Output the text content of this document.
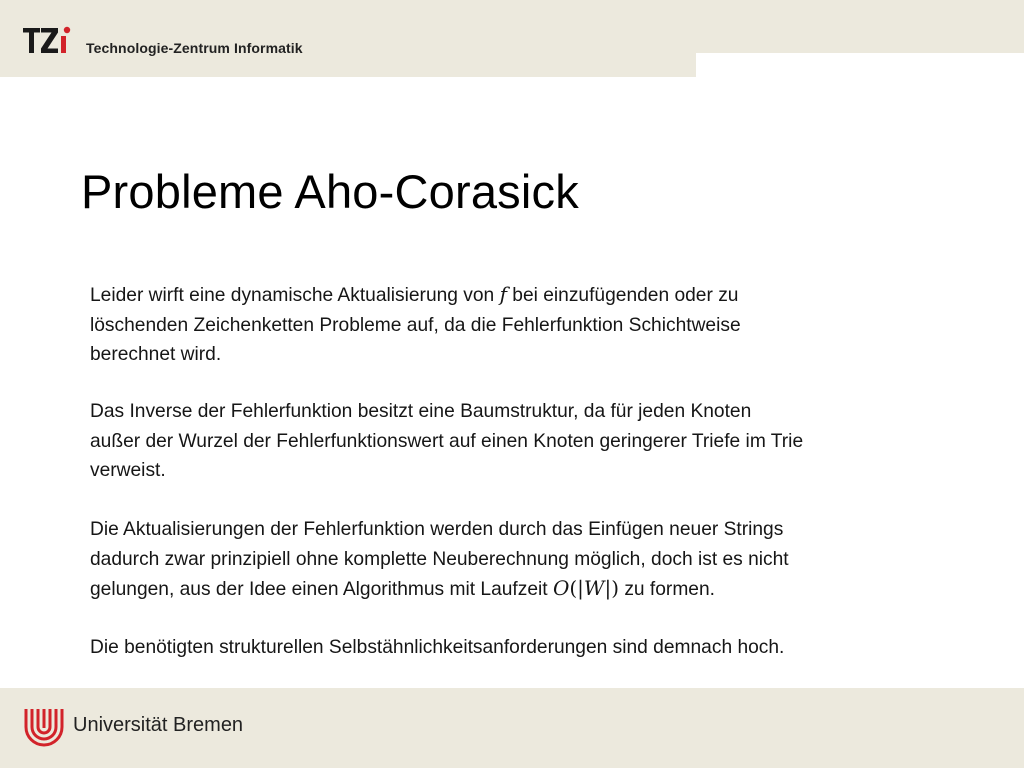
Technologie-Zentrum Informatik
Probleme Aho-Corasick
Leider wirft eine dynamische Aktualisierung von f bei einzufügenden oder zu
löschenden Zeichenketten Probleme auf, da die Fehlerfunktion Schichtweise
berechnet wird.
Das Inverse der Fehlerfunktion besitzt eine Baumstruktur, da für jeden Knoten
außer der Wurzel der Fehlerfunktionswert auf einen Knoten geringerer Triefe im Trie
verweist.
Die Aktualisierungen der Fehlerfunktion werden durch das Einfügen neuer Strings
dadurch zwar prinzipiell ohne komplette Neuberechnung möglich, doch ist es nicht
gelungen, aus der Idee einen Algorithmus mit Laufzeit O(|W|) zu formen.
Die benötigten strukturellen Selbstähnlichkeitsanforderungen sind demnach hoch.
Universität Bremen
